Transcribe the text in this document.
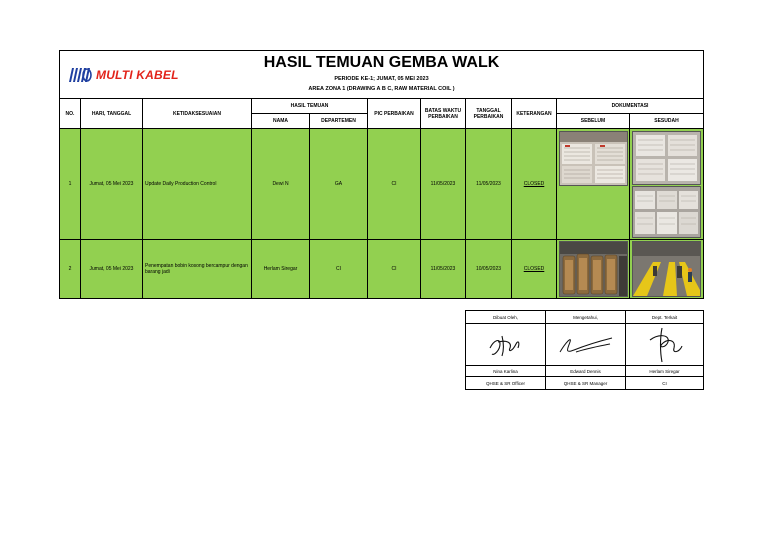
MULTI KABEL
HASIL TEMUAN GEMBA WALK
PERIODE KE-1; JUMAT, 05 MEI 2023
AREA ZONA 1 (DRAWING A B C, RAW MATERIAL COIL )
NO.	HARI, TANGGAL	KETIDAKSESUAIAN
HASIL TEMUAN
NAMA	DEPARTEMEN
PIC PERBAIKAN	BATAS WAKTU PERBAIKAN
TANGGAL PERBAIKAN	KETERANGAN
DOKUMENTASI
SEBELUM	SESUDAH
1	Jumat, 05 Mei 2023	Update Daily Production Control	Dewi N	GA	CI	11/05/2023	11/05/2023	CLOSED
2	Jumat, 05 Mei 2023	Penempatan bobin kosong bercampur dengan barang jadi	Herlam Siregar	CI	CI	11/05/2023	10/05/2023	CLOSED
Dibuat Oleh,	Mengetahui,	Dept. Terkait
Nina Karlina	Edward Dennis	Herlam Siregar
QHSE & SR Officer	QHSE & SR Manager	CI
